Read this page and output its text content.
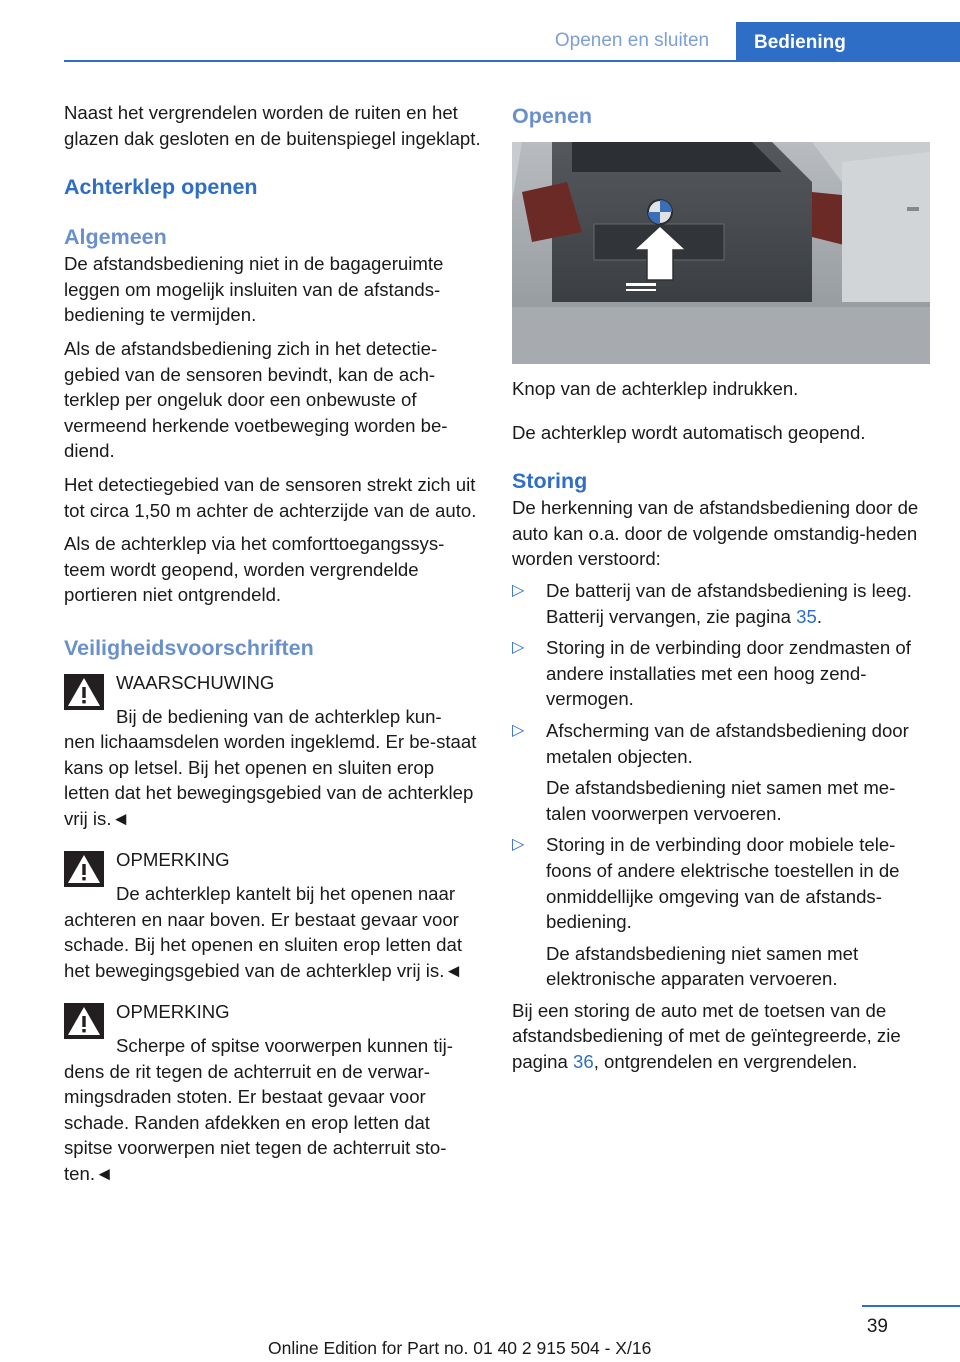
Openen en sluiten	Bediening

Naast het vergrendelen worden de ruiten en het glazen dak gesloten en de buitenspiegel ingeklapt.

Achterklep openen
Algemeen

De afstandsbediening niet in de bagageruimte leggen om mogelijk insluiten van de afstands-bediening te vermijden.

Als de afstandsbediening zich in het detectie-gebied van de sensoren bevindt, kan de ach-terklep per ongeluk door een onbewuste of vermeend herkende voetbeweging worden be-diend.

Het detectiegebied van de sensoren strekt zich uit tot circa 1,50 m achter de achterzijde van de auto.

Als de achterklep via het comforttoegangssys-teem wordt geopend, worden vergrendelde portieren niet ontgrendeld.

Veiligheidsvoorschriften

WAARSCHUWING

Bij de bediening van de achterklep kun-

nen lichaamsdelen worden ingeklemd. Er be-staat kans op letsel. Bij het openen en sluiten erop letten dat het bewegingsgebied van de achterklep vrij is.◄

OPMERKING

De achterklep kantelt bij het openen naar

achteren en naar boven. Er bestaat gevaar voor schade. Bij het openen en sluiten erop letten dat het bewegingsgebied van de achterklep vrij is.◄

OPMERKING

Scherpe of spitse voorwerpen kunnen tij-

dens de rit tegen de achterruit en de verwar-mingsdraden stoten. Er bestaat gevaar voor schade. Randen afdekken en erop letten dat spitse voorwerpen niet tegen de achterruit sto-ten.◄

Openen

Knop van de achterklep indrukken.

De achterklep wordt automatisch geopend.

Storing

De herkenning van de afstandsbediening door de auto kan o.a. door de volgende omstandig-heden worden verstoord:

▷ De batterij van de afstandsbediening is leeg. Batterij vervangen, zie pagina 35.

▷ Storing in de verbinding door zendmasten of andere installaties met een hoog zend-vermogen.

▷ Afscherming van de afstandsbediening door metalen objecten.

De afstandsbediening niet samen met me-talen voorwerpen vervoeren.

▷ Storing in de verbinding door mobiele tele-foons of andere elektrische toestellen in de onmiddellijke omgeving van de afstands-bediening.

De afstandsbediening niet samen met elektronische apparaten vervoeren.

Bij een storing de auto met de toetsen van de afstandsbediening of met de geïntegreerde, zie pagina 36, ontgrendelen en vergrendelen.

39
Online Edition for Part no. 01 40 2 915 504 - X/16
